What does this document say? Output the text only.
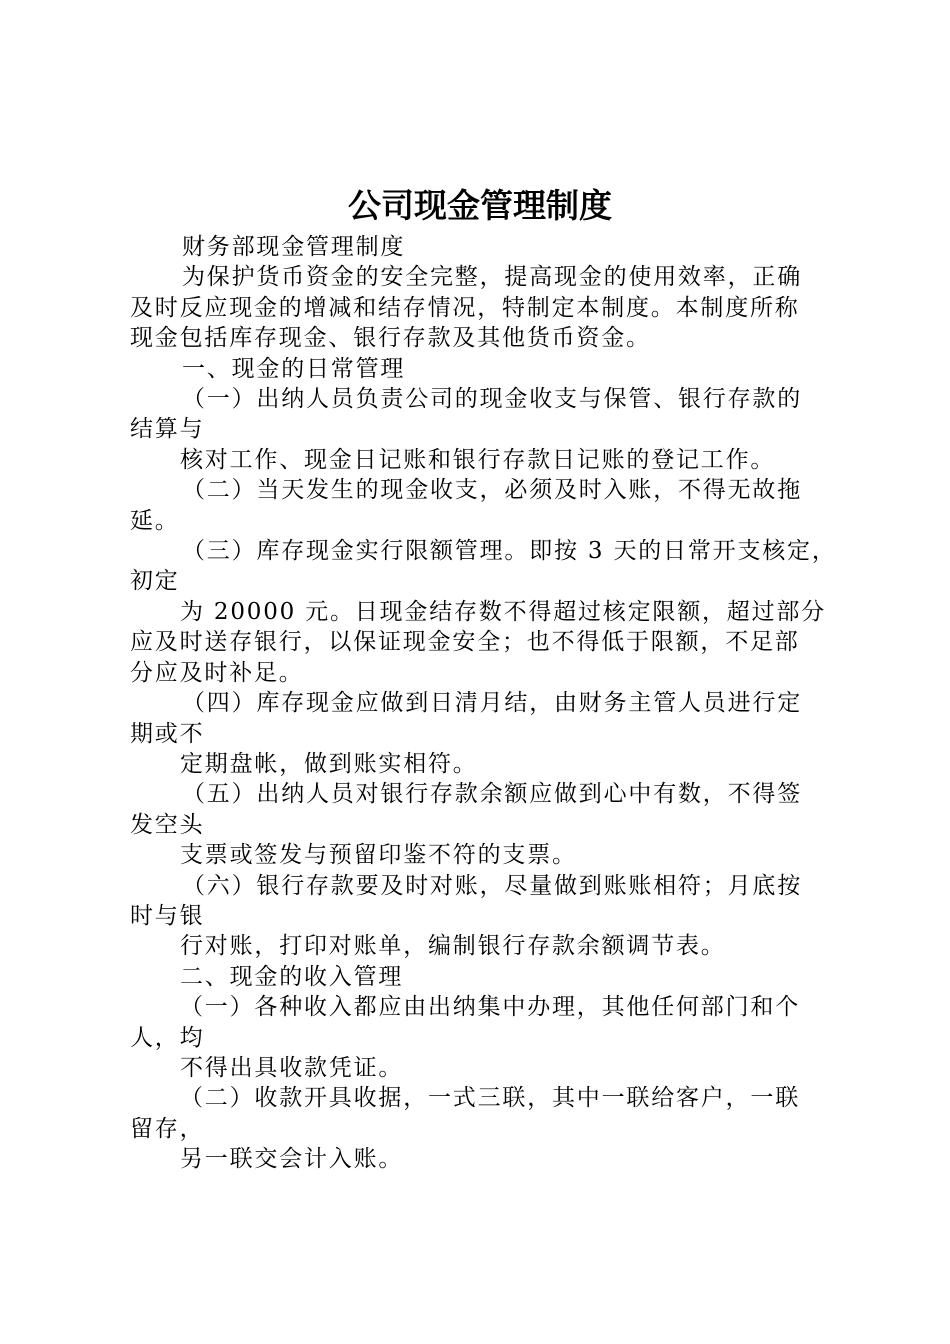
公司现金管理制度

财务部现金管理制度

为保护货币资金的安全完整，提高现金的使用效率，正确

及时反应现金的增减和结存情况，特制定本制度。本制度所称

现金包括库存现金、银行存款及其他货币资金。

一、现金的日常管理

（一）出纳人员负责公司的现金收支与保管、银行存款的

结算与

核对工作、现金日记账和银行存款日记账的登记工作。

（二）当天发生的现金收支，必须及时入账，不得无故拖

延。

（三）库存现金实行限额管理。即按 3 天的日常开支核定，

初定

为 20000 元。日现金结存数不得超过核定限额，超过部分

应及时送存银行，以保证现金安全；也不得低于限额，不足部

分应及时补足。

（四）库存现金应做到日清月结，由财务主管人员进行定

期或不

定期盘帐，做到账实相符。

（五）出纳人员对银行存款余额应做到心中有数，不得签

发空头

支票或签发与预留印鉴不符的支票。

（六）银行存款要及时对账，尽量做到账账相符；月底按

时与银

行对账，打印对账单，编制银行存款余额调节表。

二、现金的收入管理

（一）各种收入都应由出纳集中办理，其他任何部门和个

人，均

不得出具收款凭证。

（二）收款开具收据，一式三联，其中一联给客户，一联

留存，

另一联交会计入账。
